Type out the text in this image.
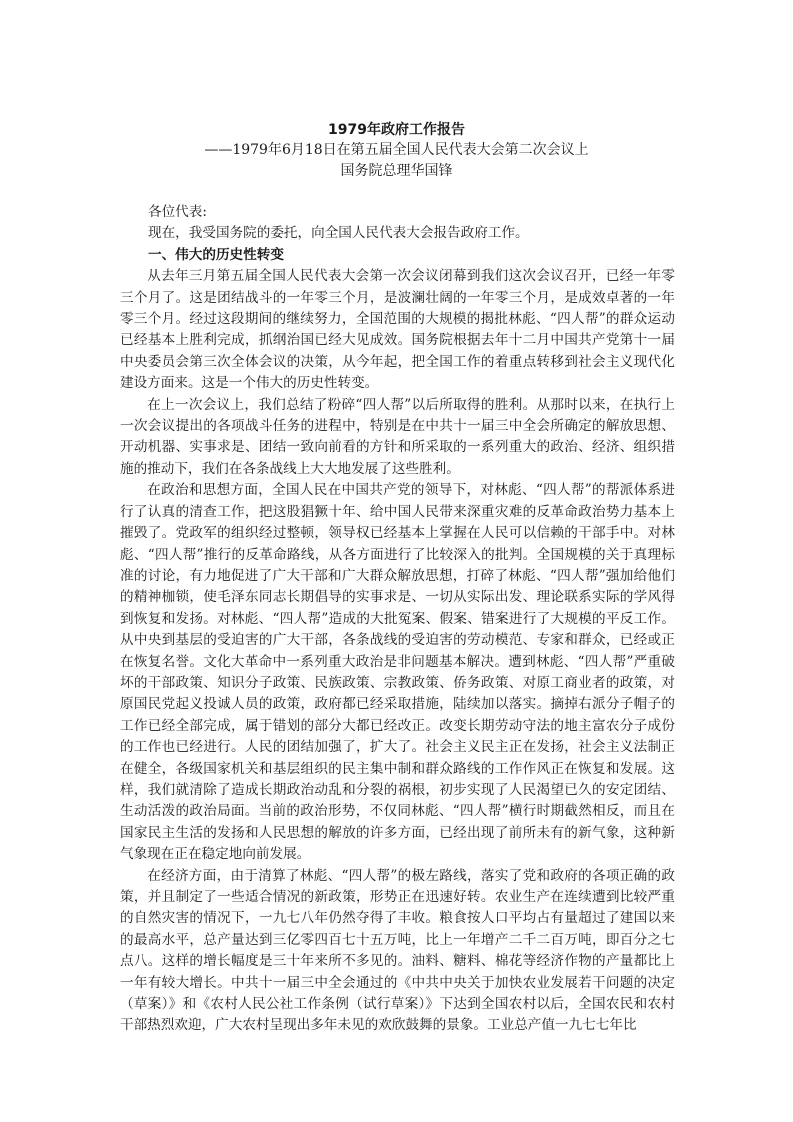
1979年政府工作报告
——1979年6月18日在第五届全国人民代表大会第二次会议上
国务院总理华国锋

各位代表:

现在，我受国务院的委托，向全国人民代表大会报告政府工作。

一、伟大的历史性转变

从去年三月第五届全国人民代表大会第一次会议闭幕到我们这次会议召开，已经一年零三个月了。这是团结战斗的一年零三个月，是波澜壮阔的一年零三个月，是成效卓著的一年零三个月。经过这段期间的继续努力，全国范围的大规模的揭批林彪、“四人帮”的群众运动已经基本上胜利完成，抓纲治国已经大见成效。国务院根据去年十二月中国共产党第十一届中央委员会第三次全体会议的决策，从今年起，把全国工作的着重点转移到社会主义现代化建设方面来。这是一个伟大的历史性转变。

在上一次会议上，我们总结了粉碎“四人帮”以后所取得的胜利。从那时以来，在执行上一次会议提出的各项战斗任务的进程中，特别是在中共十一届三中全会所确定的解放思想、开动机器、实事求是、团结一致向前看的方针和所采取的一系列重大的政治、经济、组织措施的推动下，我们在各条战线上大大地发展了这些胜利。

在政治和思想方面，全国人民在中国共产党的领导下，对林彪、“四人帮”的帮派体系进行了认真的清查工作，把这股猖獗十年、给中国人民带来深重灾难的反革命政治势力基本上摧毁了。党政军的组织经过整顿，领导权已经基本上掌握在人民可以信赖的干部手中。对林彪、“四人帮”推行的反革命路线，从各方面进行了比较深入的批判。全国规模的关于真理标准的讨论，有力地促进了广大干部和广大群众解放思想，打碎了林彪、“四人帮”强加给他们的精神枷锁，使毛泽东同志长期倡导的实事求是、一切从实际出发、理论联系实际的学风得到恢复和发扬。对林彪、“四人帮”造成的大批冤案、假案、错案进行了大规模的平反工作。从中央到基层的受迫害的广大干部，各条战线的受迫害的劳动模范、专家和群众，已经或正在恢复名誉。文化大革命中一系列重大政治是非问题基本解决。遭到林彪、“四人帮”严重破坏的干部政策、知识分子政策、民族政策、宗教政策、侨务政策、对原工商业者的政策，对原国民党起义投诚人员的政策，政府都已经采取措施，陆续加以落实。摘掉右派分子帽子的工作已经全部完成，属于错划的部分大都已经改正。改变长期劳动守法的地主富农分子成份的工作也已经进行。人民的团结加强了，扩大了。社会主义民主正在发扬，社会主义法制正在健全，各级国家机关和基层组织的民主集中制和群众路线的工作作风正在恢复和发展。这样，我们就清除了造成长期政治动乱和分裂的祸根，初步实现了人民渴望已久的安定团结、生动活泼的政治局面。当前的政治形势，不仅同林彪、“四人帮”横行时期截然相反，而且在国家民主生活的发扬和人民思想的解放的许多方面，已经出现了前所未有的新气象，这种新气象现在正在稳定地向前发展。

在经济方面，由于清算了林彪、“四人帮”的极左路线，落实了党和政府的各项正确的政策，并且制定了一些适合情况的新政策，形势正在迅速好转。农业生产在连续遭到比较严重的自然灾害的情况下，一九七八年仍然夺得了丰收。粮食按人口平均占有量超过了建国以来的最高水平，总产量达到三亿零四百七十五万吨，比上一年增产二千二百万吨，即百分之七点八。这样的增长幅度是三十年来所不多见的。油料、糖料、棉花等经济作物的产量都比上一年有较大增长。中共十一届三中全会通过的《中共中央关于加快农业发展若干问题的决定（草案）》和《农村人民公社工作条例（试行草案）》下达到全国农村以后，全国农民和农村干部热烈欢迎，广大农村呈现出多年未见的欢欣鼓舞的景象。工业总产值一九七七年比
